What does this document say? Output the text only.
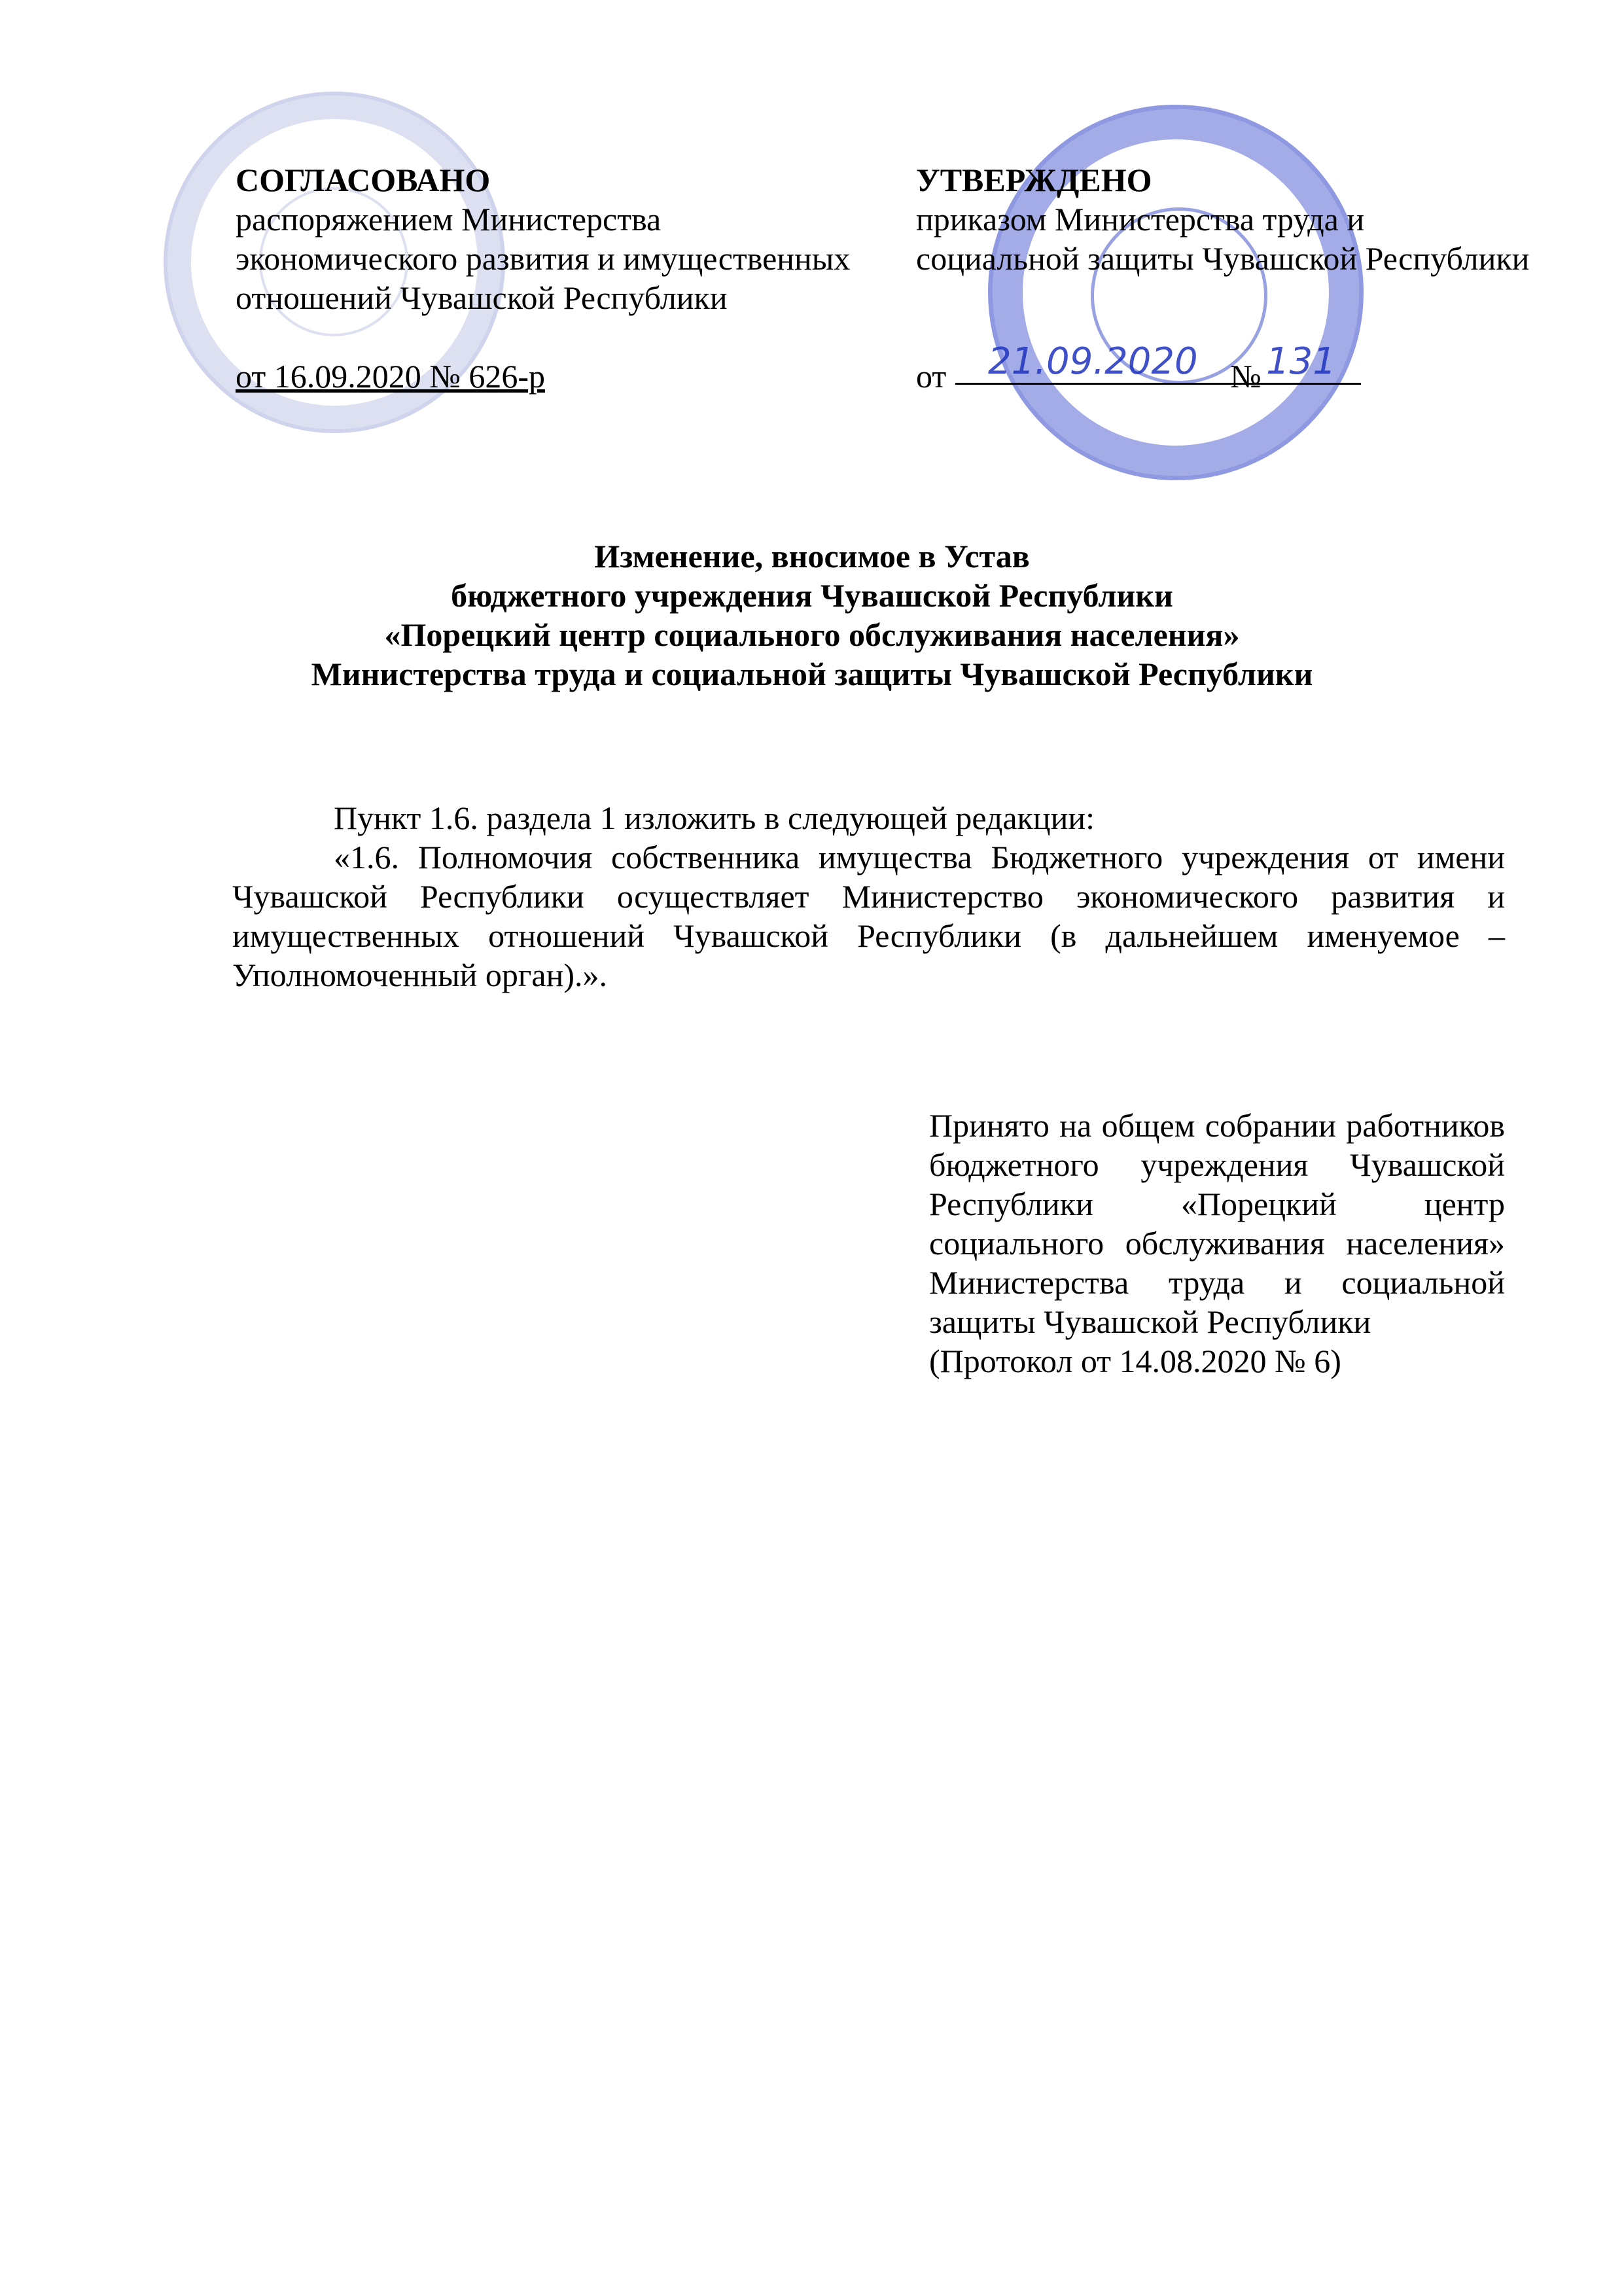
СОГЛАСОВАНО
распоряжением Министерства
экономического развития и имущественных
отношений Чувашской Республики
от 16.09.2020 № 626-р
УТВЕРЖДЕНО
приказом Министерства труда и
социальной защиты Чувашской Республики
от	№
21.09.2020 131
Изменение, вносимое в Устав
бюджетного учреждения Чувашской Республики
«Порецкий центр социального обслуживания населения»
Министерства труда и социальной защиты Чувашской Республики
Пункт 1.6. раздела 1 изложить в следующей редакции:
«1.6. Полномочия собственника имущества Бюджетного учреждения от имени Чувашской Республики осуществляет Министерство экономического развития и имущественных отношений Чувашской Республики (в дальнейшем именуемое – Уполномоченный орган).».
Принято на общем собрании работников бюджетного учреждения Чувашской Республики «Порецкий центр социального обслуживания населения» Министерства труда и социальной защиты Чувашской Республики
(Протокол от 14.08.2020 № 6)
